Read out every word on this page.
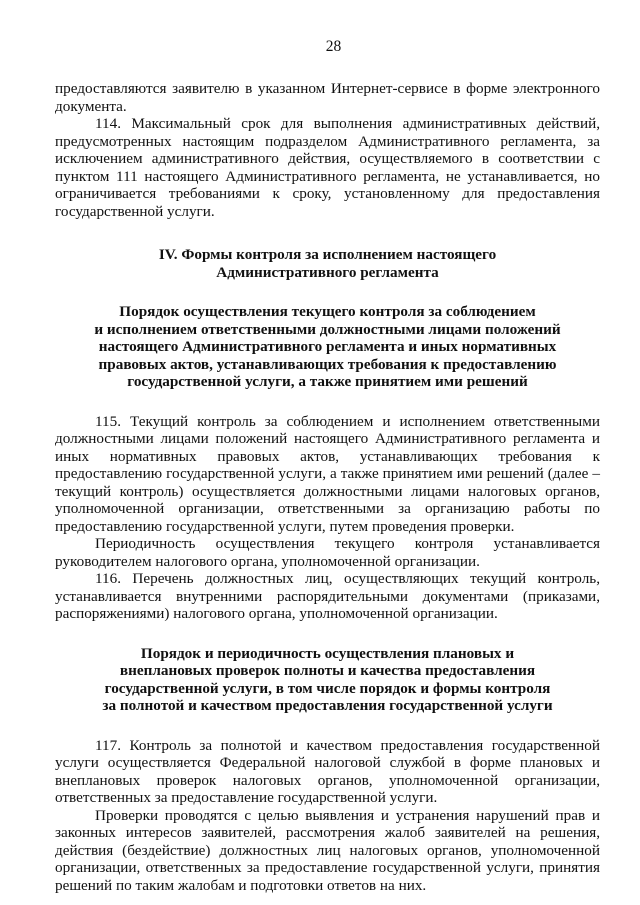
28

предоставляются заявителю в указанном Интернет-сервисе в форме электронного документа.

114. Максимальный срок для выполнения административных действий, предусмотренных настоящим подразделом Административного регламента, за исключением административного действия, осуществляемого в соответствии с пунктом 111 настоящего Административного регламента, не устанавливается, но ограничивается требованиями к сроку, установленному для предоставления государственной услуги.

IV. Формы контроля за исполнением настоящего
Административного регламента
Порядок осуществления текущего контроля за соблюдением
и исполнением ответственными должностными лицами положений
настоящего Административного регламента и иных нормативных
правовых актов, устанавливающих требования к предоставлению
государственной услуги, а также принятием ими решений

115. Текущий контроль за соблюдением и исполнением ответственными должностными лицами положений настоящего Административного регламента и иных нормативных правовых актов, устанавливающих требования к предоставлению государственной услуги, а также принятием ими решений (далее – текущий контроль) осуществляется должностными лицами налоговых органов, уполномоченной организации, ответственными за организацию работы по предоставлению государственной услуги, путем проведения проверки.

Периодичность осуществления текущего контроля устанавливается руководителем налогового органа, уполномоченной организации.

116. Перечень должностных лиц, осуществляющих текущий контроль, устанавливается внутренними распорядительными документами (приказами, распоряжениями) налогового органа, уполномоченной организации.

Порядок и периодичность осуществления плановых и
внеплановых проверок полноты и качества предоставления
государственной услуги, в том числе порядок и формы контроля
за полнотой и качеством предоставления государственной услуги

117. Контроль за полнотой и качеством предоставления государственной услуги осуществляется Федеральной налоговой службой в форме плановых и внеплановых проверок налоговых органов, уполномоченной организации, ответственных за предоставление государственной услуги.

Проверки проводятся с целью выявления и устранения нарушений прав и законных интересов заявителей, рассмотрения жалоб заявителей на решения, действия (бездействие) должностных лиц налоговых органов, уполномоченной организации, ответственных за предоставление государственной услуги, принятия решений по таким жалобам и подготовки ответов на них.
